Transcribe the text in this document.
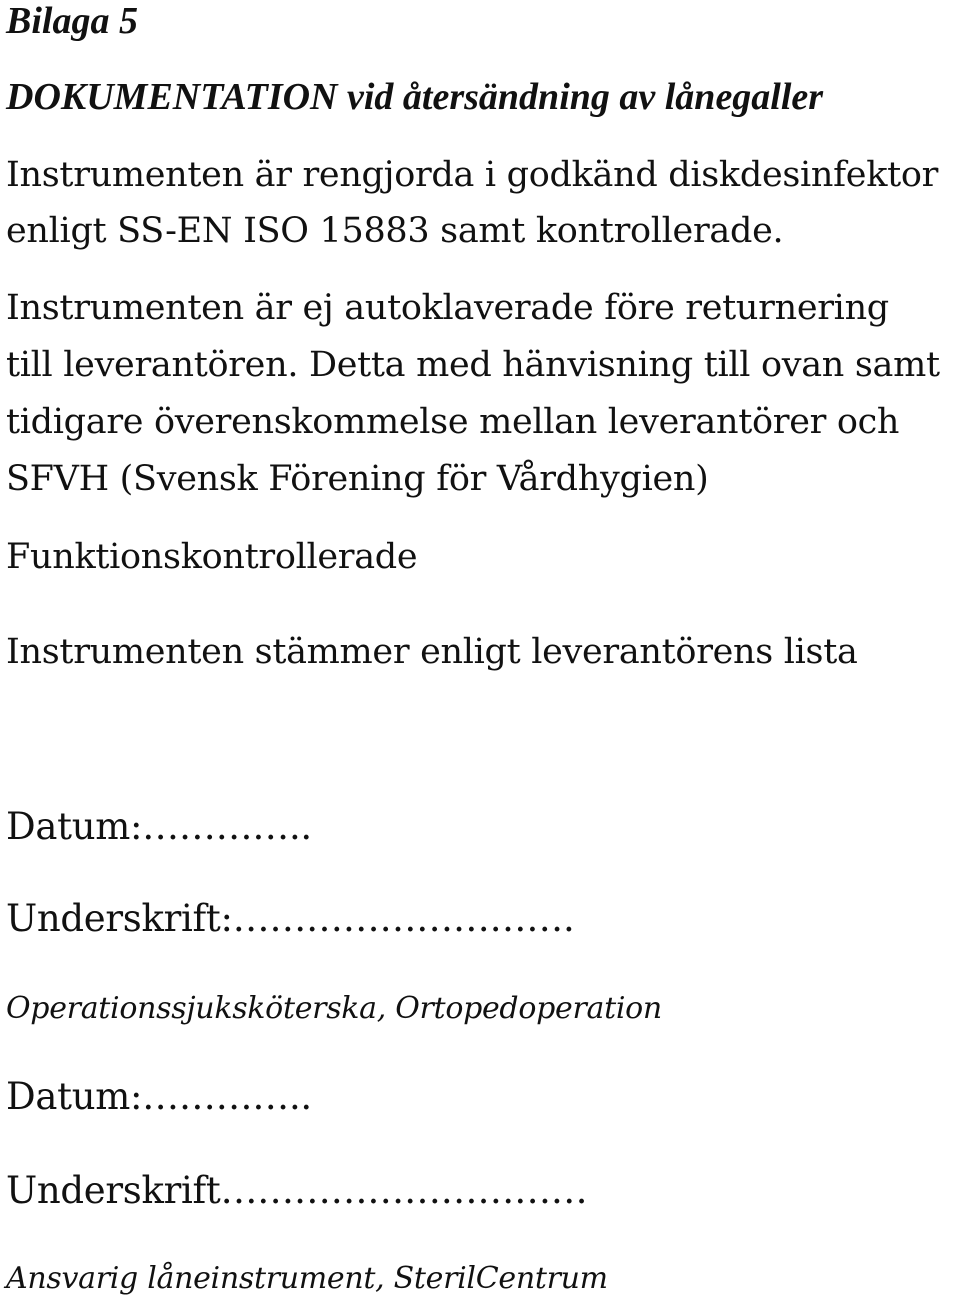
Bilaga 5
DOKUMENTATION vid återsändning av lånegaller
Instrumenten är rengjorda i godkänd diskdesinfektor
enligt SS-EN ISO 15883 samt kontrollerade.
Instrumenten är ej autoklaverade före returnering
till leverantören. Detta med hänvisning till ovan samt
tidigare överenskommelse mellan leverantörer och
SFVH (Svensk Förening för Vårdhygien)
Funktionskontrollerade
Instrumenten stämmer enligt leverantörens lista
Datum:…………..
Underskrift:……………………….
Operationssjuksköterska, Ortopedoperation
Datum:…………..
Underskrift…………………………
Ansvarig låneinstrument, SterilCentrum
